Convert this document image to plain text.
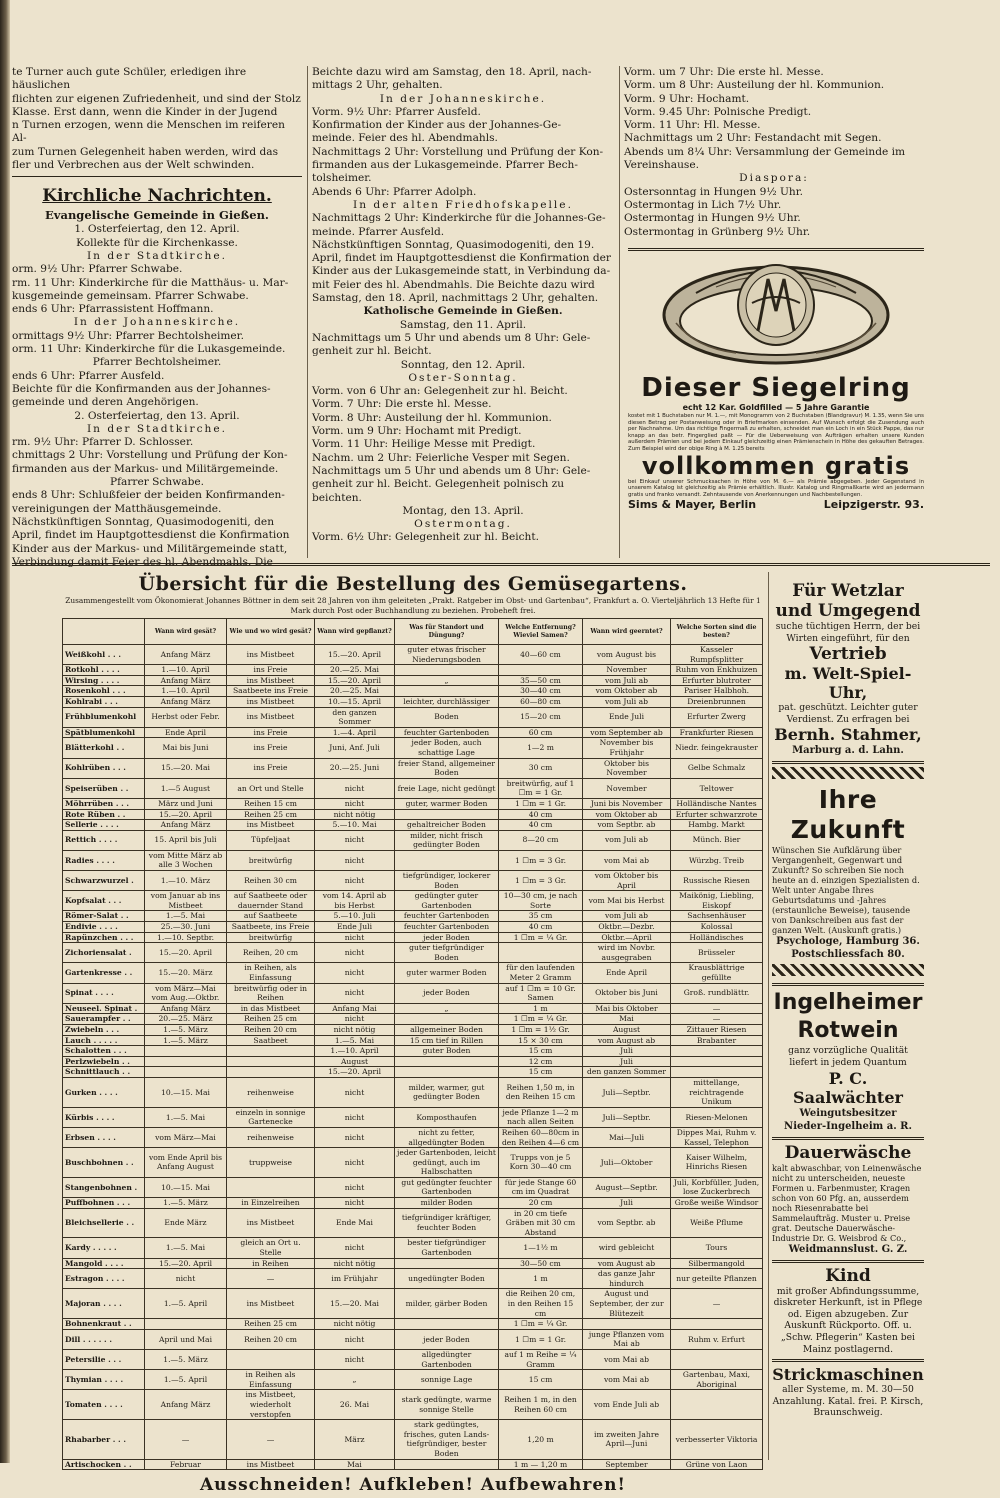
te Turner auch gute Schüler, erledigen ihre häuslichen

flichten zur eigenen Zufriedenheit, und sind der Stolz

Klasse. Erst dann, wenn die Kinder in der Jugend

n Turnen erzogen, wenn die Menschen im reiferen Al-

zum Turnen Gelegenheit haben werden, wird das

fler und Verbrechen aus der Welt schwinden.

Kirchliche Nachrichten.
Evangelische Gemeinde in Gießen.

1. Osterfeiertag, den 12. April.

Kollekte für die Kirchenkasse.

In der Stadtkirche.

orm. 9½ Uhr: Pfarrer Schwabe.

rm. 11 Uhr: Kinderkirche für die Matthäus- u. Mar-

kusgemeinde gemeinsam. Pfarrer Schwabe.

ends 6 Uhr: Pfarrassistent Hoffmann.

In der Johanneskirche.

ormittags 9½ Uhr: Pfarrer Bechtolsheimer.

orm. 11 Uhr: Kinderkirche für die Lukasgemeinde.

Pfarrer Bechtolsheimer.

ends 6 Uhr: Pfarrer Ausfeld.

Beichte für die Konfirmanden aus der Johannes-

gemeinde und deren Angehörigen.

2. Osterfeiertag, den 13. April.

In der Stadtkirche.

rm. 9½ Uhr: Pfarrer D. Schlosser.

chmittags 2 Uhr: Vorstellung und Prüfung der Kon-

firmanden aus der Markus- und Militärgemeinde.

Pfarrer Schwabe.

ends 8 Uhr: Schlußfeier der beiden Konfirmanden-

vereinigungen der Matthäusgemeinde.

Nächstkünftigen Sonntag, Quasimodogeniti, den

April, findet im Hauptgottesdienst die Konfirmation

Kinder aus der Markus- und Militärgemeinde statt,

Verbindung damit Feier des hl. Abendmahls. Die

Beichte dazu wird am Samstag, den 18. April, nach-

mittags 2 Uhr, gehalten.

In der Johanneskirche.

Vorm. 9½ Uhr: Pfarrer Ausfeld.

Konfirmation der Kinder aus der Johannes-Ge-

meinde. Feier des hl. Abendmahls.

Nachmittags 2 Uhr: Vorstellung und Prüfung der Kon-

firmanden aus der Lukasgemeinde. Pfarrer Bech-

tolsheimer.

Abends 6 Uhr: Pfarrer Adolph.

In der alten Friedhofskapelle.

Nachmittags 2 Uhr: Kinderkirche für die Johannes-Ge-

meinde. Pfarrer Ausfeld.

Nächstkünftigen Sonntag, Quasimodogeniti, den 19.

April, findet im Hauptgottesdienst die Konfirmation der

Kinder aus der Lukasgemeinde statt, in Verbindung da-

mit Feier des hl. Abendmahls. Die Beichte dazu wird

Samstag, den 18. April, nachmittags 2 Uhr, gehalten.

Katholische Gemeinde in Gießen.

Samstag, den 11. April.

Nachmittags um 5 Uhr und abends um 8 Uhr: Gele-

genheit zur hl. Beicht.

Sonntag, den 12. April.

Oster-Sonntag.

Vorm. von 6 Uhr an: Gelegenheit zur hl. Beicht.

Vorm. 7 Uhr: Die erste hl. Messe.

Vorm. 8 Uhr: Austeilung der hl. Kommunion.

Vorm. um 9 Uhr: Hochamt mit Predigt.

Vorm. 11 Uhr: Heilige Messe mit Predigt.

Nachm. um 2 Uhr: Feierliche Vesper mit Segen.

Nachmittags um 5 Uhr und abends um 8 Uhr: Gele-

genheit zur hl. Beicht. Gelegenheit polnisch zu beichten.

Montag, den 13. April.

Ostermontag.

Vorm. 6½ Uhr: Gelegenheit zur hl. Beicht.

Vorm. um 7 Uhr: Die erste hl. Messe.

Vorm. um 8 Uhr: Austeilung der hl. Kommunion.

Vorm. 9 Uhr: Hochamt.

Vorm. 9.45 Uhr: Polnische Predigt.

Vorm. 11 Uhr: Hl. Messe.

Nachmittags um 2 Uhr: Festandacht mit Segen.

Abends um 8¼ Uhr: Versammlung der Gemeinde im

Vereinshause.

Diaspora:

Ostersonntag in Hungen 9½ Uhr.

Ostermontag in Lich 7½ Uhr.

Ostermontag in Hungen 9½ Uhr.

Ostermontag in Grünberg 9½ Uhr.

Dieser Siegelring
echt 12 Kar. Goldfilled — 5 Jahre Garantie
kostet mit 1 Buchstaben nur M. 1.—, mit Monogramm von 2 Buchstaben (Blandgravur) M. 1.35, wenn Sie uns diesen Betrag per Postanweisung oder in Briefmarken einsenden. Auf Wunsch erfolgt die Zusendung auch per Nachnahme. Um das richtige Fingermaß zu erhalten, schneidet man ein Loch in ein Stück Pappe, das nur knapp an das betr. Fingerglied paßt — Für die Ueberweisung von Aufträgen erhalten unsere Kunden außerdem Prämien und bei jedem Einkauf gleichzeitig einen Prämienschein in Höhe des gekauften Betrages. Zum Beispiel wird der obige Ring à M. 1.25 bereits
vollkommen gratis
bei Einkauf unserer Schmucksachen in Höhe von M. 6.— als Prämie abgegeben. Jeder Gegenstand in unserem Katalog ist gleichzeitig als Prämie erhältlich. Illustr. Katalog und Ringmaßkarte wird an jedermann gratis und franko versandt. Zehntausende von Anerkennungen und Nachbestellungen.
Sims & Mayer, Berlin	Leipzigerstr. 93.
Übersicht für die Bestellung des Gemüsegartens.
Zusammengestellt vom Ökonomierat Johannes Böttner in dem seit 28 Jahren von ihm geleiteten „Prakt. Ratgeber im Obst- und Gartenbau“, Frankfurt a. O. Vierteljährlich 13 Hefte für 1 Mark durch Post oder Buchhandlung zu beziehen. Probeheft frei.
	Wann wird gesät?	Wie und wo wird gesät?	Wann wird gepflanzt?	Was für Standort und Düngung?	Welche Entfernung? Wieviel Samen?	Wann wird geerntet?	Welche Sorten sind die besten?
Weißkohl . . .	Anfang März	ins Mistbeet	15.—20. April	guter etwas frischer Niederungsboden	40—60 cm	vom August bis	Kasseler Rumpfsplitter
Rotkohl . . . .	1.—10. April	ins Freie	20.—25. Mai			November	Ruhm von Enkhuizen
Wirsing . . . .	Anfang März	ins Mistbeet	15.—20. April	„	35—50 cm	vom Juli ab	Erfurter blutroter
Rosenkohl . . .	1.—10. April	Saatbeete ins Freie	20.—25. Mai		30—40 cm	vom Oktober ab	Pariser Halbhoh.
Kohlrabi . . .	Anfang März	ins Mistbeet	10.—15. April	leichter, durchlässiger	60—80 cm	vom Juli ab	Dreienbrunnen
Frühblumenkohl	Herbst oder Febr.	ins Mistbeet	den ganzen Sommer	Boden	15—20 cm	Ende Juli	Erfurter Zwerg
Spätblumenkohl	Ende April	ins Freie	1.—4. April	feuchter Gartenboden	60 cm	vom September ab	Frankfurter Riesen
Blätterkohl . .	Mai bis Juni	ins Freie	Juni, Anf. Juli	jeder Boden, auch schattige Lage	1—2 m	November bis Frühjahr	Niedr. feingekrauster
Kohlrüben . . .	15.—20. Mai	ins Freie	20.—25. Juni	freier Stand, allgemeiner Boden	30 cm	Oktober bis November	Gelbe Schmalz
Speiserüben . .	1.—5 August	an Ort und Stelle	nicht	freie Lage, nicht gedüngt	breitwürfig, auf 1 ☐m = 1 Gr.	November	Teltower
Möhrrüben . . .	März und Juni	Reihen 15 cm	nicht	guter, warmer Boden	1 ☐m = 1 Gr.	Juni bis November	Holländische Nantes
Rote Rüben . .	15.—20. April	Reihen 25 cm	nicht nötig		40 cm	vom Oktober ab	Erfurter schwarzrote
Sellerie . . . .	Anfang März	ins Mistbeet	5.—10. Mai	gehaltreicher Boden	40 cm	vom Septbr. ab	Hambg. Markt
Rettich . . . .	15. April bis Juli	Tüpfeljaat	nicht	milder, nicht frisch gedüngter Boden	8—20 cm	vom Juli ab	Münch. Bier
Radies . . . .	vom Mitte März ab alle 3 Wochen	breitwürfig	nicht		1 ☐m = 3 Gr.	vom Mai ab	Würzbg. Treib
Schwarzwurzel .	1.—10. März	Reihen 30 cm	nicht	tiefgründiger, lockerer Boden	1 ☐m = 3 Gr.	vom Oktober bis April	Russische Riesen
Kopfsalat . . .	vom Januar ab ins Mistbeet	auf Saatbeete oder dauernder Stand	vom 14. April ab bis Herbst	gedüngter guter Gartenboden	10—30 cm, je nach Sorte	vom Mai bis Herbst	Maikönig, Liebling, Eiskopf
Römer-Salat . .	1.—5. Mai	auf Saatbeete	5.—10. Juli	feuchter Gartenboden	35 cm	vom Juli ab	Sachsenhäuser
Endivie . . . .	25.—30. Juni	Saatbeete, ins Freie	Ende Juli	feuchter Gartenboden	40 cm	Oktbr.—Dezbr.	Kolossal
Rapünzchen . . .	1.—10. Septbr.	breitwürfig	nicht	jeder Boden	1 ☐m = ¼ Gr.	Oktbr.—April	Holländisches
Zichoriensalat .	15.—20. April	Reihen, 20 cm	nicht	guter tiefgründiger Boden		wird im Novbr. ausgegraben	Brüsseler
Gartenkresse . .	15.—20. März	in Reihen, als Einfassung	nicht	guter warmer Boden	für den laufenden Meter 2 Gramm	Ende April	Krausblättrige gefüllte
Spinat . . . .	vom März—Mai vom Aug.—Oktbr.	breitwürfig oder in Reihen	nicht	jeder Boden	auf 1 ☐m = 10 Gr. Samen	Oktober bis Juni	Groß. rundblättr.
Neuseel. Spinat .	Anfang März	in das Mistbeet	Anfang Mai	„	1 m	Mai bis Oktober	—
Sauerampfer . .	20.—25. März	Reihen 25 cm	nicht		1 ☐m = ¼ Gr.	Mai	—
Zwiebeln . . .	1.—5. März	Reihen 20 cm	nicht nötig	allgemeiner Boden	1 ☐m = 1½ Gr.	August	Zittauer Riesen
Lauch . . . . .	1.—5. März	Saatbeet	1.—5. Mai	15 cm tief in Rillen	15 × 30 cm	vom August ab	Brabanter
Schalotten . . .			1.—10. April	guter Boden	15 cm	Juli	
Perlzwiebeln . .			August		12 cm	Juli	
Schnittlauch . .			15.—20. April		15 cm	den ganzen Sommer	
Gurken . . . .	10.—15. Mai	reihenweise	nicht	milder, warmer, gut gedüngter Boden	Reihen 1,50 m, in den Reihen 15 cm	Juli—Septbr.	mittellange, reichtragende Unikum
Kürbis . . . .	1.—5. Mai	einzeln in sonnige Gartenecke	nicht	Komposthaufen	jede Pflanze 1—2 m nach allen Seiten	Juli—Septbr.	Riesen-Melonen
Erbsen . . . .	vom März—Mai	reihenweise	nicht	nicht zu fetter, allgedüngter Boden	Reihen 60—80cm in den Reihen 4—6 cm	Mai—Juli	Dippes Mai, Ruhm v. Kassel, Telephon
Buschbohnen . .	vom Ende April bis Anfang August	truppweise	nicht	jeder Gartenboden, leicht gedüngt, auch im Halbschatten	Trupps von je 5 Korn 30—40 cm	Juli—Oktober	Kaiser Wilhelm, Hinrichs Riesen
Stangenbohnen .	10.—15. Mai		nicht	gut gedüngter feuchter Gartenboden	für jede Stange 60 cm im Quadrat	August—Septbr.	Juli, Korbfüller, Juden, lose Zuckerbrech
Puffbohnen . . .	1.—5. März	in Einzelreihen	nicht	milder Boden	20 cm	Juli	Große weiße Windsor
Bleichsellerie . .	Ende März	ins Mistbeet	Ende Mai	tiefgründiger kräftiger, feuchter Boden	in 20 cm tiefe Gräben mit 30 cm Abstand	vom Septbr. ab	Weiße Pflume
Kardy . . . . .	1.—5. Mai	gleich an Ort u. Stelle	nicht	bester tiefgründiger Gartenboden	1—1½ m	wird gebleicht	Tours
Mangold . . . .	15.—20. April	in Reihen	nicht nötig		30—50 cm	vom August ab	Silbermangold
Estragon . . . .	nicht	—	im Frühjahr	ungedüngter Boden	1 m	das ganze Jahr hindurch	nur geteilte Pflanzen
Majoran . . . .	1.—5. April	ins Mistbeet	15.—20. Mai	milder, gärber Boden	die Reihen 20 cm, in den Reihen 15 cm	August und September, der zur Blütezeit	—
Bohnenkraut . .		Reihen 25 cm	nicht nötig		1 ☐m = ¼ Gr.		
Dill . . . . . .	April und Mai	Reihen 20 cm	nicht	jeder Boden	1 ☐m = 1 Gr.	junge Pflanzen vom Mai ab	Ruhm v. Erfurt
Petersilie . . .	1.—5. März		nicht	allgedüngter Gartenboden	auf 1 m Reihe = ¼ Gramm	vom Mai ab	
Thymian . . . .	1.—5. April	in Reihen als Einfassung	„	sonnige Lage	15 cm	vom Mai ab	Gartenbau, Maxi, Aboriginal
Tomaten . . . .	Anfang März	ins Mistbeet, wiederholt verstopfen	26. Mai	stark gedüngte, warme sonnige Stelle	Reihen 1 m, in den Reihen 60 cm	vom Ende Juli ab	
Rhabarber . . .	—	—	März	stark gedüngtes, frisches, guten Lands- tiefgründiger, bester Boden	1,20 m	im zweiten Jahre April—Juni	verbesserter Viktoria
Artischocken . .	Februar	ins Mistbeet	Mai		1 m — 1,20 m	September	Grüne von Laon
Ausschneiden! Aufkleben! Aufbewahren!
Für Wetzlar
und Umgegend
suche tüchtigen Herrn, der bei Wirten eingeführt, für den
Vertrieb
m. Welt-Spiel-Uhr,
pat. geschützt. Leichter guter Verdienst. Zu erfragen bei
Bernh. Stahmer,
Marburg a. d. Lahn.
Ihre Zukunft
Wünschen Sie Aufklärung über Vergangenheit, Gegenwart und Zukunft? So schreiben Sie noch heute an d. einzigen Spezialisten d. Welt unter Angabe Ihres Geburtsdatums und -Jahres (erstaunliche Beweise), tausende von Dankschreiben aus fast der ganzen Welt. (Auskunft gratis.)
Psychologe, Hamburg 36.
Postschliessfach 80.
Ingelheimer
Rotwein
ganz vorzügliche Qualität
liefert in jedem Quantum
P. C. Saalwächter
Weingutsbesitzer
Nieder-Ingelheim a. R.
Dauerwäsche
kalt abwaschbar, von Leinenwäsche nicht zu unterscheiden, neueste Formen u. Farbenmuster, Kragen schon von 60 Pfg. an, ausserdem noch Riesenrabatte bei Sammelaufträg. Muster u. Preise grat. Deutsche Dauerwäsche-Industrie Dr. G. Weisbrod & Co.,
Weidmannslust. G. Z.
Kind
mit großer Abfindungssumme, diskreter Herkunft, ist in Pflege od. Eigen abzugeben. Zur Auskunft Rückporto. Off. u. „Schw. Pflegerin“ Kasten bei Mainz postlagernd.
Strickmaschinen
aller Systeme, m. M. 30—50 Anzahlung. Katal. frei. P. Kirsch, Braunschweig.
